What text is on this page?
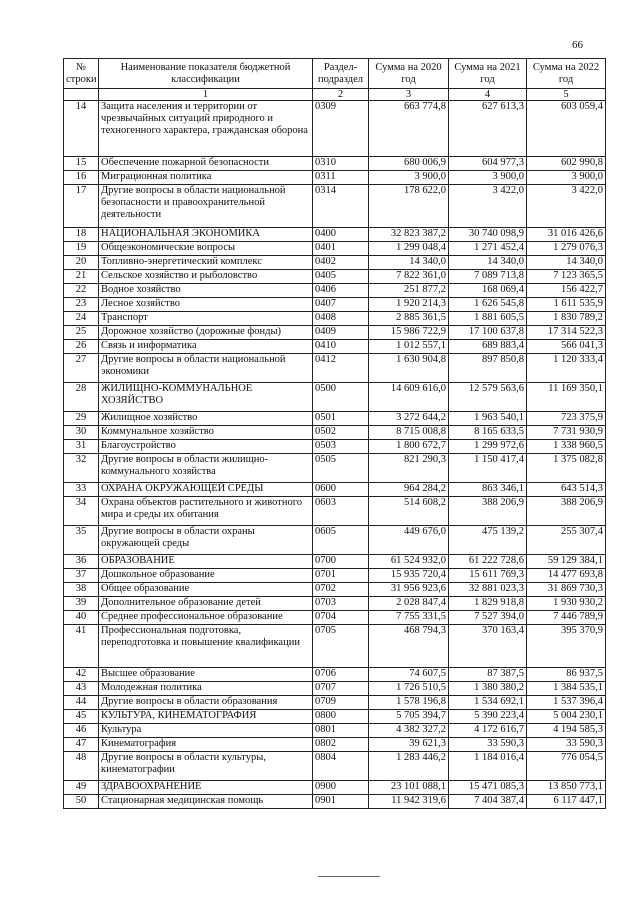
66
№ строки	Наименование показателя бюджетной классификации	Раздел-подраздел	Сумма на 2020 год	Сумма на 2021 год	Сумма на 2022 год
	1	2	3	4	5
14	Защита населения и территории от чрезвычайных ситуаций природного и техногенного характера, гражданская оборона	0309	663 774,8	627 613,3	603 059,4
15	Обеспечение пожарной безопасности	0310	680 006,9	604 977,3	602 990,8
16	Миграционная политика	0311	3 900,0	3 900,0	3 900,0
17	Другие вопросы в области национальной безопасности и правоохранительной деятельности	0314	178 622,0	3 422,0	3 422,0
18	НАЦИОНАЛЬНАЯ ЭКОНОМИКА	0400	32 823 387,2	30 740 098,9	31 016 426,6
19	Общеэкономические вопросы	0401	1 299 048,4	1 271 452,4	1 279 076,3
20	Топливно-энергетический комплекс	0402	14 340,0	14 340,0	14 340,0
21	Сельское хозяйство и рыболовство	0405	7 822 361,0	7 089 713,8	7 123 365,5
22	Водное хозяйство	0406	251 877,2	168 069,4	156 422,7
23	Лесное хозяйство	0407	1 920 214,3	1 626 545,8	1 611 535,9
24	Транспорт	0408	2 885 361,5	1 881 605,5	1 830 789,2
25	Дорожное хозяйство (дорожные фонды)	0409	15 986 722,9	17 100 637,8	17 314 522,3
26	Связь и информатика	0410	1 012 557,1	689 883,4	566 041,3
27	Другие вопросы в области национальной экономики	0412	1 630 904,8	897 850,8	1 120 333,4
28	ЖИЛИЩНО-КОММУНАЛЬНОЕ ХОЗЯЙСТВО	0500	14 609 616,0	12 579 563,6	11 169 350,1
29	Жилищное хозяйство	0501	3 272 644,2	1 963 540,1	723 375,9
30	Коммунальное хозяйство	0502	8 715 008,8	8 165 633,5	7 731 930,9
31	Благоустройство	0503	1 800 672,7	1 299 972,6	1 338 960,5
32	Другие вопросы в области жилищно-коммунального хозяйства	0505	821 290,3	1 150 417,4	1 375 082,8
33	ОХРАНА ОКРУЖАЮЩЕЙ СРЕДЫ	0600	964 284,2	863 346,1	643 514,3
34	Охрана объектов растительного и животного мира и среды их обитания	0603	514 608,2	388 206,9	388 206,9
35	Другие вопросы в области охраны окружающей среды	0605	449 676,0	475 139,2	255 307,4
36	ОБРАЗОВАНИЕ	0700	61 524 932,0	61 222 728,6	59 129 384,1
37	Дошкольное образование	0701	15 935 720,4	15 611 769,3	14 477 693,8
38	Общее образование	0702	31 956 923,6	32 881 023,3	31 869 730,3
39	Дополнительное образование детей	0703	2 028 847,4	1 829 918,8	1 930 930,2
40	Среднее профессиональное образование	0704	7 755 331,5	7 527 394,0	7 446 789,9
41	Профессиональная подготовка, переподготовка и повышение квалификации	0705	468 794,3	370 163,4	395 370,9
42	Высшее образование	0706	74 607,5	87 387,5	86 937,5
43	Молодежная политика	0707	1 726 510,5	1 380 380,2	1 384 535,1
44	Другие вопросы в области образования	0709	1 578 196,8	1 534 692,1	1 537 396,4
45	КУЛЬТУРА, КИНЕМАТОГРАФИЯ	0800	5 705 394,7	5 390 223,4	5 004 230,1
46	Культура	0801	4 382 327,2	4 172 616,7	4 194 585,3
47	Кинематография	0802	39 621,3	33 590,3	33 590,3
48	Другие вопросы в области культуры, кинематографии	0804	1 283 446,2	1 184 016,4	776 054,5
49	ЗДРАВООХРАНЕНИЕ	0900	23 101 088,1	15 471 085,3	13 850 773,1
50	Стационарная медицинская помощь	0901	11 942 319,6	7 404 387,4	6 117 447,1
